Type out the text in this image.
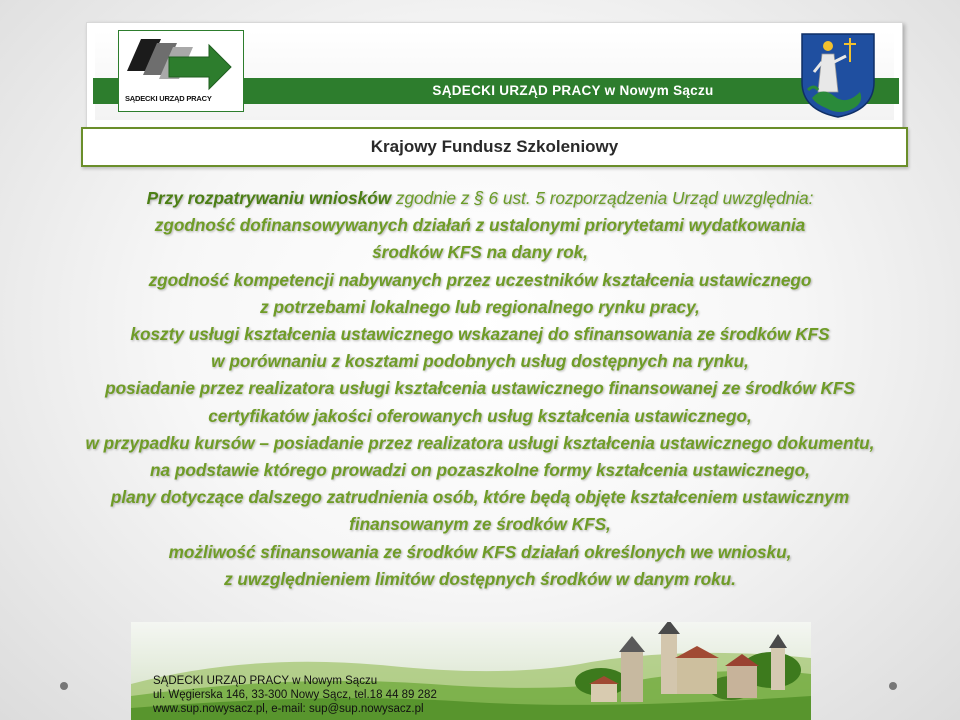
SĄDECKI URZĄD PRACY w Nowym Sączu
SĄDECKI URZĄD PRACY
Krajowy Fundusz Szkoleniowy
Przy rozpatrywaniu wniosków zgodnie z § 6 ust. 5 rozporządzenia Urząd uwzględnia:
zgodność dofinansowywanych działań z ustalonymi priorytetami wydatkowania
środków KFS na dany rok,
zgodność kompetencji nabywanych przez uczestników kształcenia ustawicznego
z potrzebami lokalnego lub regionalnego rynku pracy,
koszty usługi kształcenia ustawicznego wskazanej do sfinansowania ze środków KFS
w porównaniu z kosztami podobnych usług dostępnych na rynku,
posiadanie przez realizatora usługi kształcenia ustawicznego finansowanej ze środków KFS
certyfikatów jakości oferowanych usług kształcenia ustawicznego,
w przypadku kursów – posiadanie przez realizatora usługi kształcenia ustawicznego dokumentu,
na podstawie którego prowadzi on pozaszkolne formy kształcenia ustawicznego,
plany dotyczące dalszego zatrudnienia osób, które będą objęte kształceniem ustawicznym
finansowanym ze środków KFS,
możliwość sfinansowania ze środków KFS działań określonych we wniosku,
z uwzględnieniem limitów dostępnych środków w danym roku.
SĄDECKI URZĄD PRACY w Nowym Sączu
ul. Węgierska 146, 33-300 Nowy Sącz, tel.18 44 89 282
www.sup.nowysacz.pl, e-mail: sup@sup.nowysacz.pl
